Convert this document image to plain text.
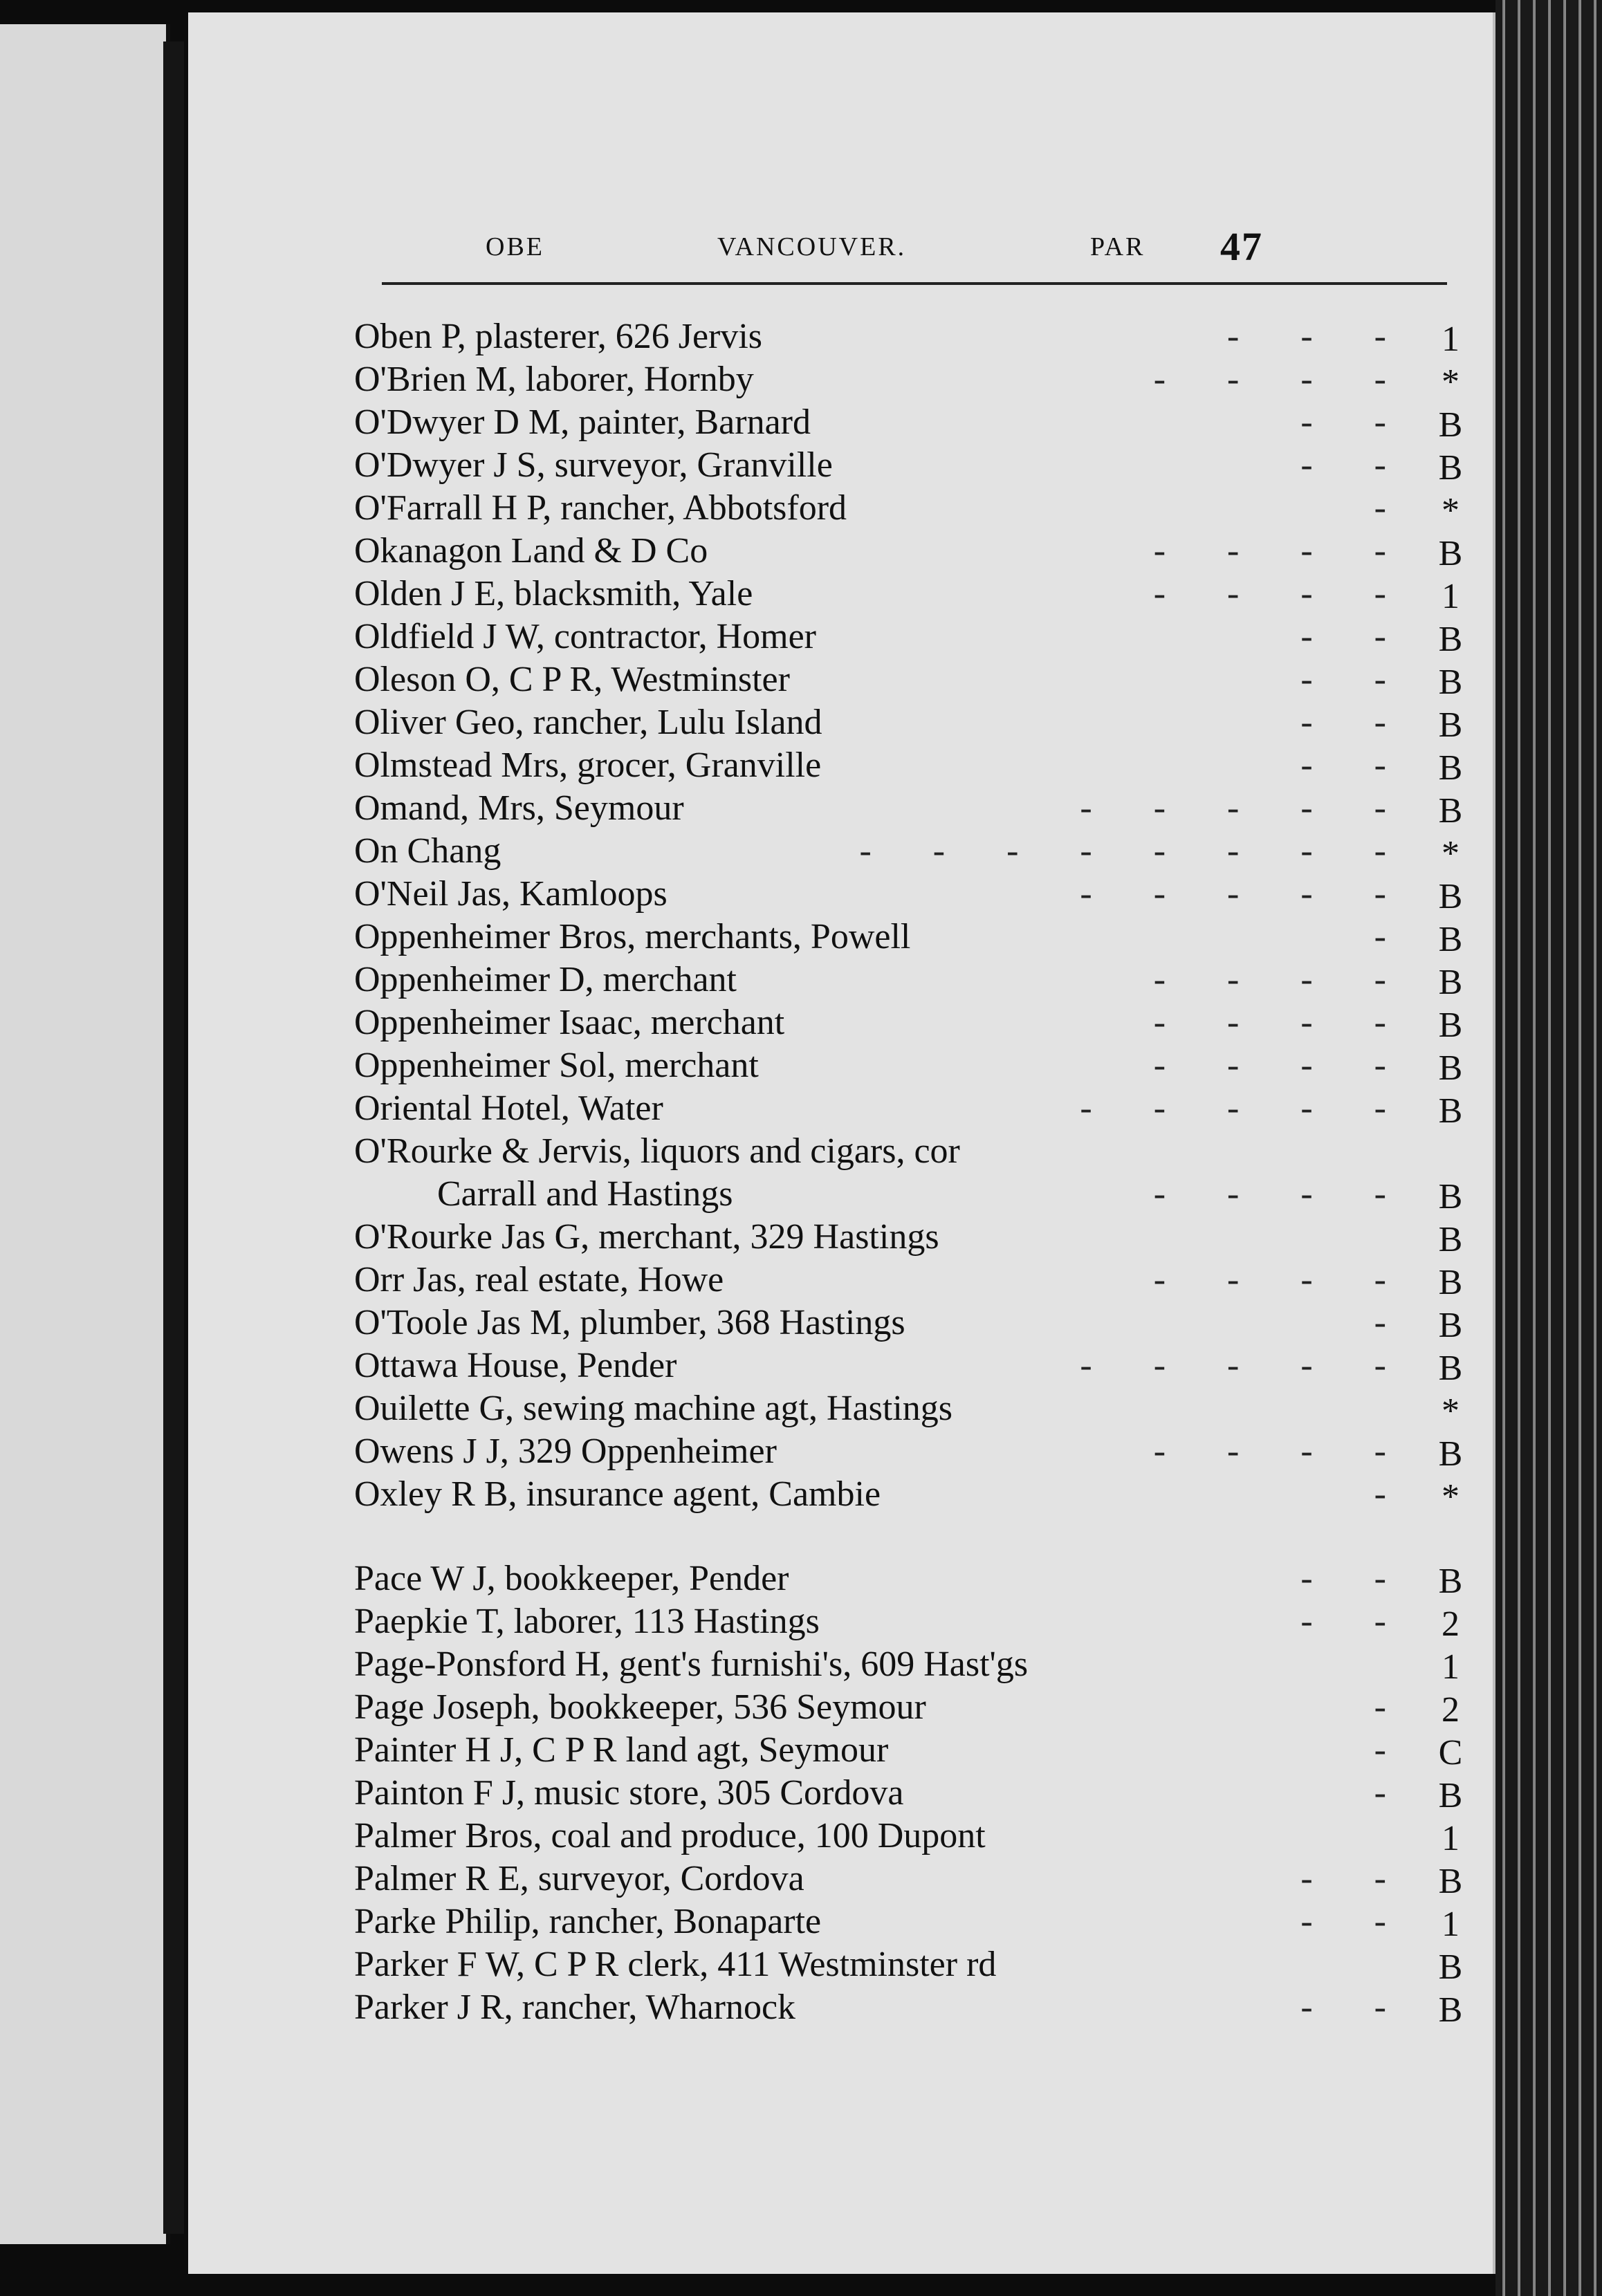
OBE	VANCOUVER.	PAR 47
Oben P, plasterer, 626 Jervis	- - - 1
O'Brien M, laborer, Hornby	- - - - *
O'Dwyer D M, painter, Barnard	- - B
O'Dwyer J S, surveyor, Granville	- - B
O'Farrall H P, rancher, Abbotsford	- *
Okanagon Land & D Co	- - - - B
Olden J E, blacksmith, Yale	- - - - 1
Oldfield J W, contractor, Homer	- - B
Oleson O, C P R, Westminster	- - B
Oliver Geo, rancher, Lulu Island	- - B
Olmstead Mrs, grocer, Granville	- - B
Omand, Mrs, Seymour	- - - - - B
On Chang	- - - - - - - - *
O'Neil Jas, Kamloops	- - - - - B
Oppenheimer Bros, merchants, Powell	- B
Oppenheimer D, merchant	- - - - B
Oppenheimer Isaac, merchant	- - - - B
Oppenheimer Sol, merchant	- - - - B
Oriental Hotel, Water	- - - - - B
O'Rourke & Jervis, liquors and cigars, cor
Carrall and Hastings	- - - - B
O'Rourke Jas G, merchant, 329 Hastings	B
Orr Jas, real estate, Howe	- - - - B
O'Toole Jas M, plumber, 368 Hastings	- B
Ottawa House, Pender	- - - - - B
Ouilette G, sewing machine agt, Hastings	*
Owens J J, 329 Oppenheimer	- - - - B
Oxley R B, insurance agent, Cambie	- *
Pace W J, bookkeeper, Pender	- - B
Paepkie T, laborer, 113 Hastings	- - 2
Page-Ponsford H, gent's furnishi's, 609 Hast'gs	1
Page Joseph, bookkeeper, 536 Seymour	- 2
Painter H J, C P R land agt, Seymour	- C
Painton F J, music store, 305 Cordova	- B
Palmer Bros, coal and produce, 100 Dupont	1
Palmer R E, surveyor, Cordova	- - B
Parke Philip, rancher, Bonaparte	- - 1
Parker F W, C P R clerk, 411 Westminster rd	B
Parker J R, rancher, Wharnock	- - B
